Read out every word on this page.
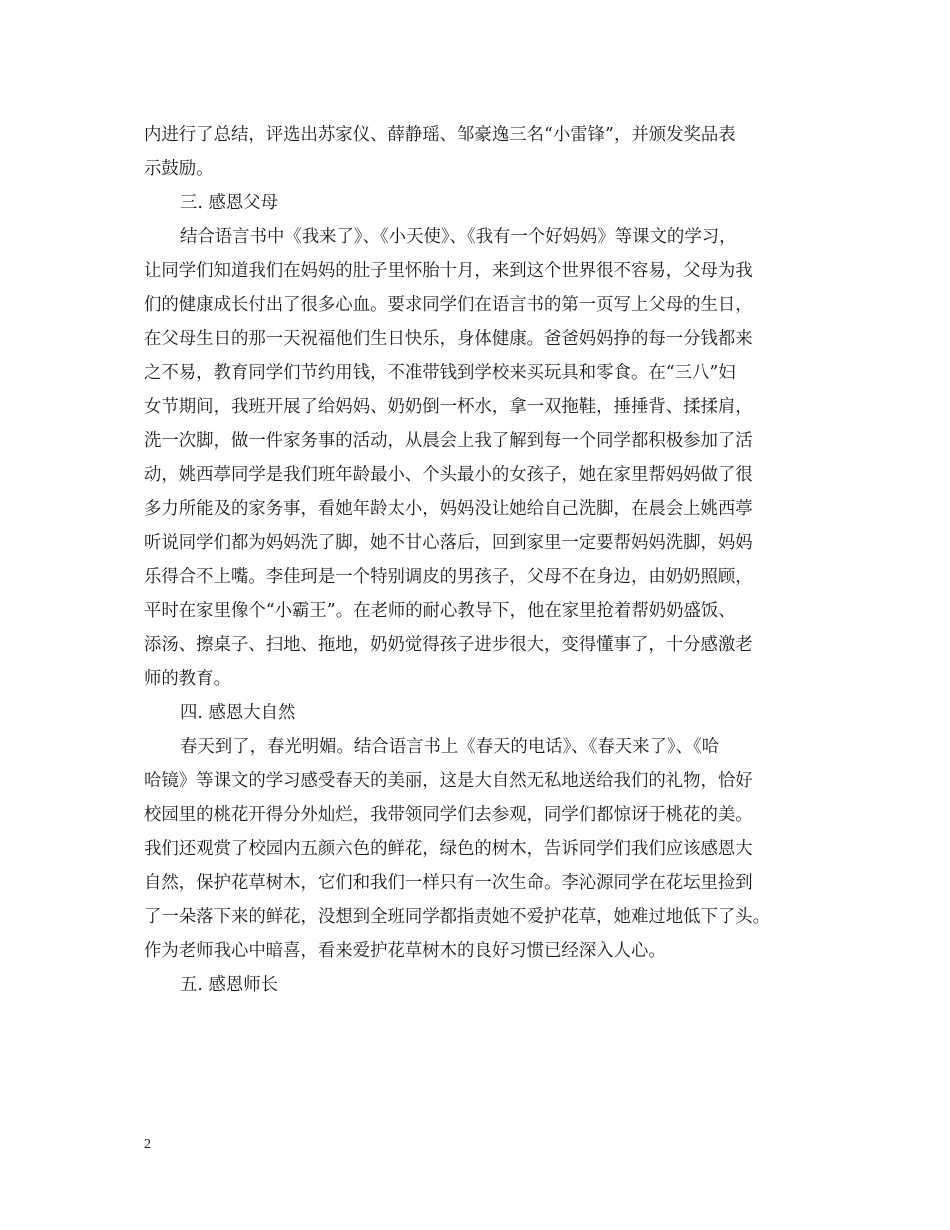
内进行了总结，评选出苏家仪、薛静瑶、邹豪逸三名“小雷锋”，并颁发奖品表
示鼓励。
三. 感恩父母
结合语言书中《我来了》、《小天使》、《我有一个好妈妈》等课文的学习，
让同学们知道我们在妈妈的肚子里怀胎十月，来到这个世界很不容易，父母为我
们的健康成长付出了很多心血。要求同学们在语言书的第一页写上父母的生日，
在父母生日的那一天祝福他们生日快乐，身体健康。爸爸妈妈挣的每一分钱都来
之不易，教育同学们节约用钱，不准带钱到学校来买玩具和零食。在“三八”妇
女节期间，我班开展了给妈妈、奶奶倒一杯水，拿一双拖鞋，捶捶背、揉揉肩，
洗一次脚，做一件家务事的活动，从晨会上我了解到每一个同学都积极参加了活
动，姚西葶同学是我们班年龄最小、个头最小的女孩子，她在家里帮妈妈做了很
多力所能及的家务事，看她年龄太小，妈妈没让她给自己洗脚，在晨会上姚西葶
听说同学们都为妈妈洗了脚，她不甘心落后，回到家里一定要帮妈妈洗脚，妈妈
乐得合不上嘴。李佳珂是一个特别调皮的男孩子，父母不在身边，由奶奶照顾，
平时在家里像个“小霸王”。在老师的耐心教导下，他在家里抢着帮奶奶盛饭、
添汤、擦桌子、扫地、拖地，奶奶觉得孩子进步很大，变得懂事了，十分感激老
师的教育。
四. 感恩大自然
春天到了，春光明媚。结合语言书上《春天的电话》、《春天来了》、《哈
哈镜》等课文的学习感受春天的美丽，这是大自然无私地送给我们的礼物，恰好
校园里的桃花开得分外灿烂，我带领同学们去参观，同学们都惊讶于桃花的美。
我们还观赏了校园内五颜六色的鲜花，绿色的树木，告诉同学们我们应该感恩大
自然，保护花草树木，它们和我们一样只有一次生命。李沁源同学在花坛里捡到
了一朵落下来的鲜花，没想到全班同学都指责她不爱护花草，她难过地低下了头。
作为老师我心中暗喜，看来爱护花草树木的良好习惯已经深入人心。
五. 感恩师长
2
